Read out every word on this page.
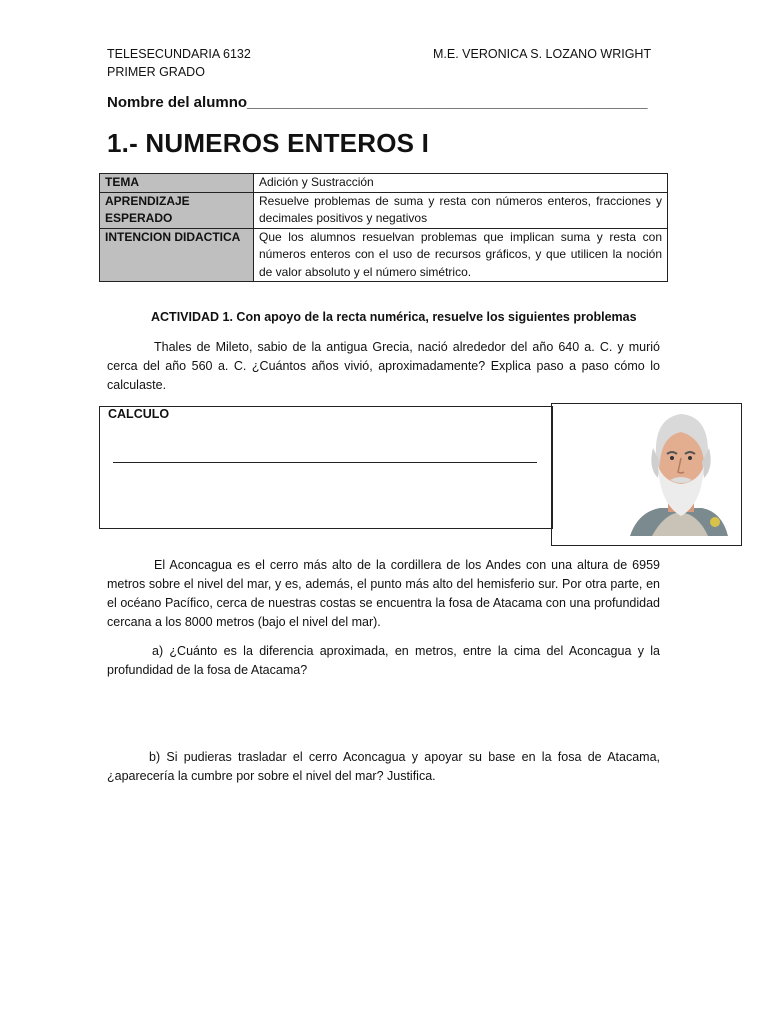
TELESECUNDARIA 6132
PRIMER GRADO
M.E. VERONICA S. LOZANO WRIGHT
Nombre del alumno________________________________________________
1.- NUMEROS ENTEROS I
TEMA	Adición y Sustracción
APRENDIZAJE ESPERADO	Resuelve problemas de suma y resta con números enteros, fracciones y decimales positivos y negativos
INTENCION DIDACTICA	Que los alumnos resuelvan problemas que implican suma y resta con números enteros con el uso de recursos gráficos, y que utilicen la noción de valor absoluto y el número simétrico.
ACTIVIDAD 1. Con apoyo de la recta numérica, resuelve los siguientes problemas
Thales de Mileto, sabio de la antigua Grecia, nació alrededor del año 640 a. C. y murió cerca del año 560 a. C. ¿Cuántos años vivió, aproximadamente? Explica paso a paso cómo lo calculaste.
CALCULO
El Aconcagua es el cerro más alto de la cordillera de los Andes con una altura de 6959 metros sobre el nivel del mar, y es, además, el punto más alto del hemisferio sur. Por otra parte, en el océano Pacífico, cerca de nuestras costas se encuentra la fosa de Atacama con una profundidad cercana a los 8000 metros (bajo el nivel del mar).
a) ¿Cuánto es la diferencia aproximada, en metros, entre la cima del Aconcagua y la profundidad de la fosa de Atacama?
b) Si pudieras trasladar el cerro Aconcagua y apoyar su base en la fosa de Atacama, ¿aparecería la cumbre por sobre el nivel del mar? Justifica.
